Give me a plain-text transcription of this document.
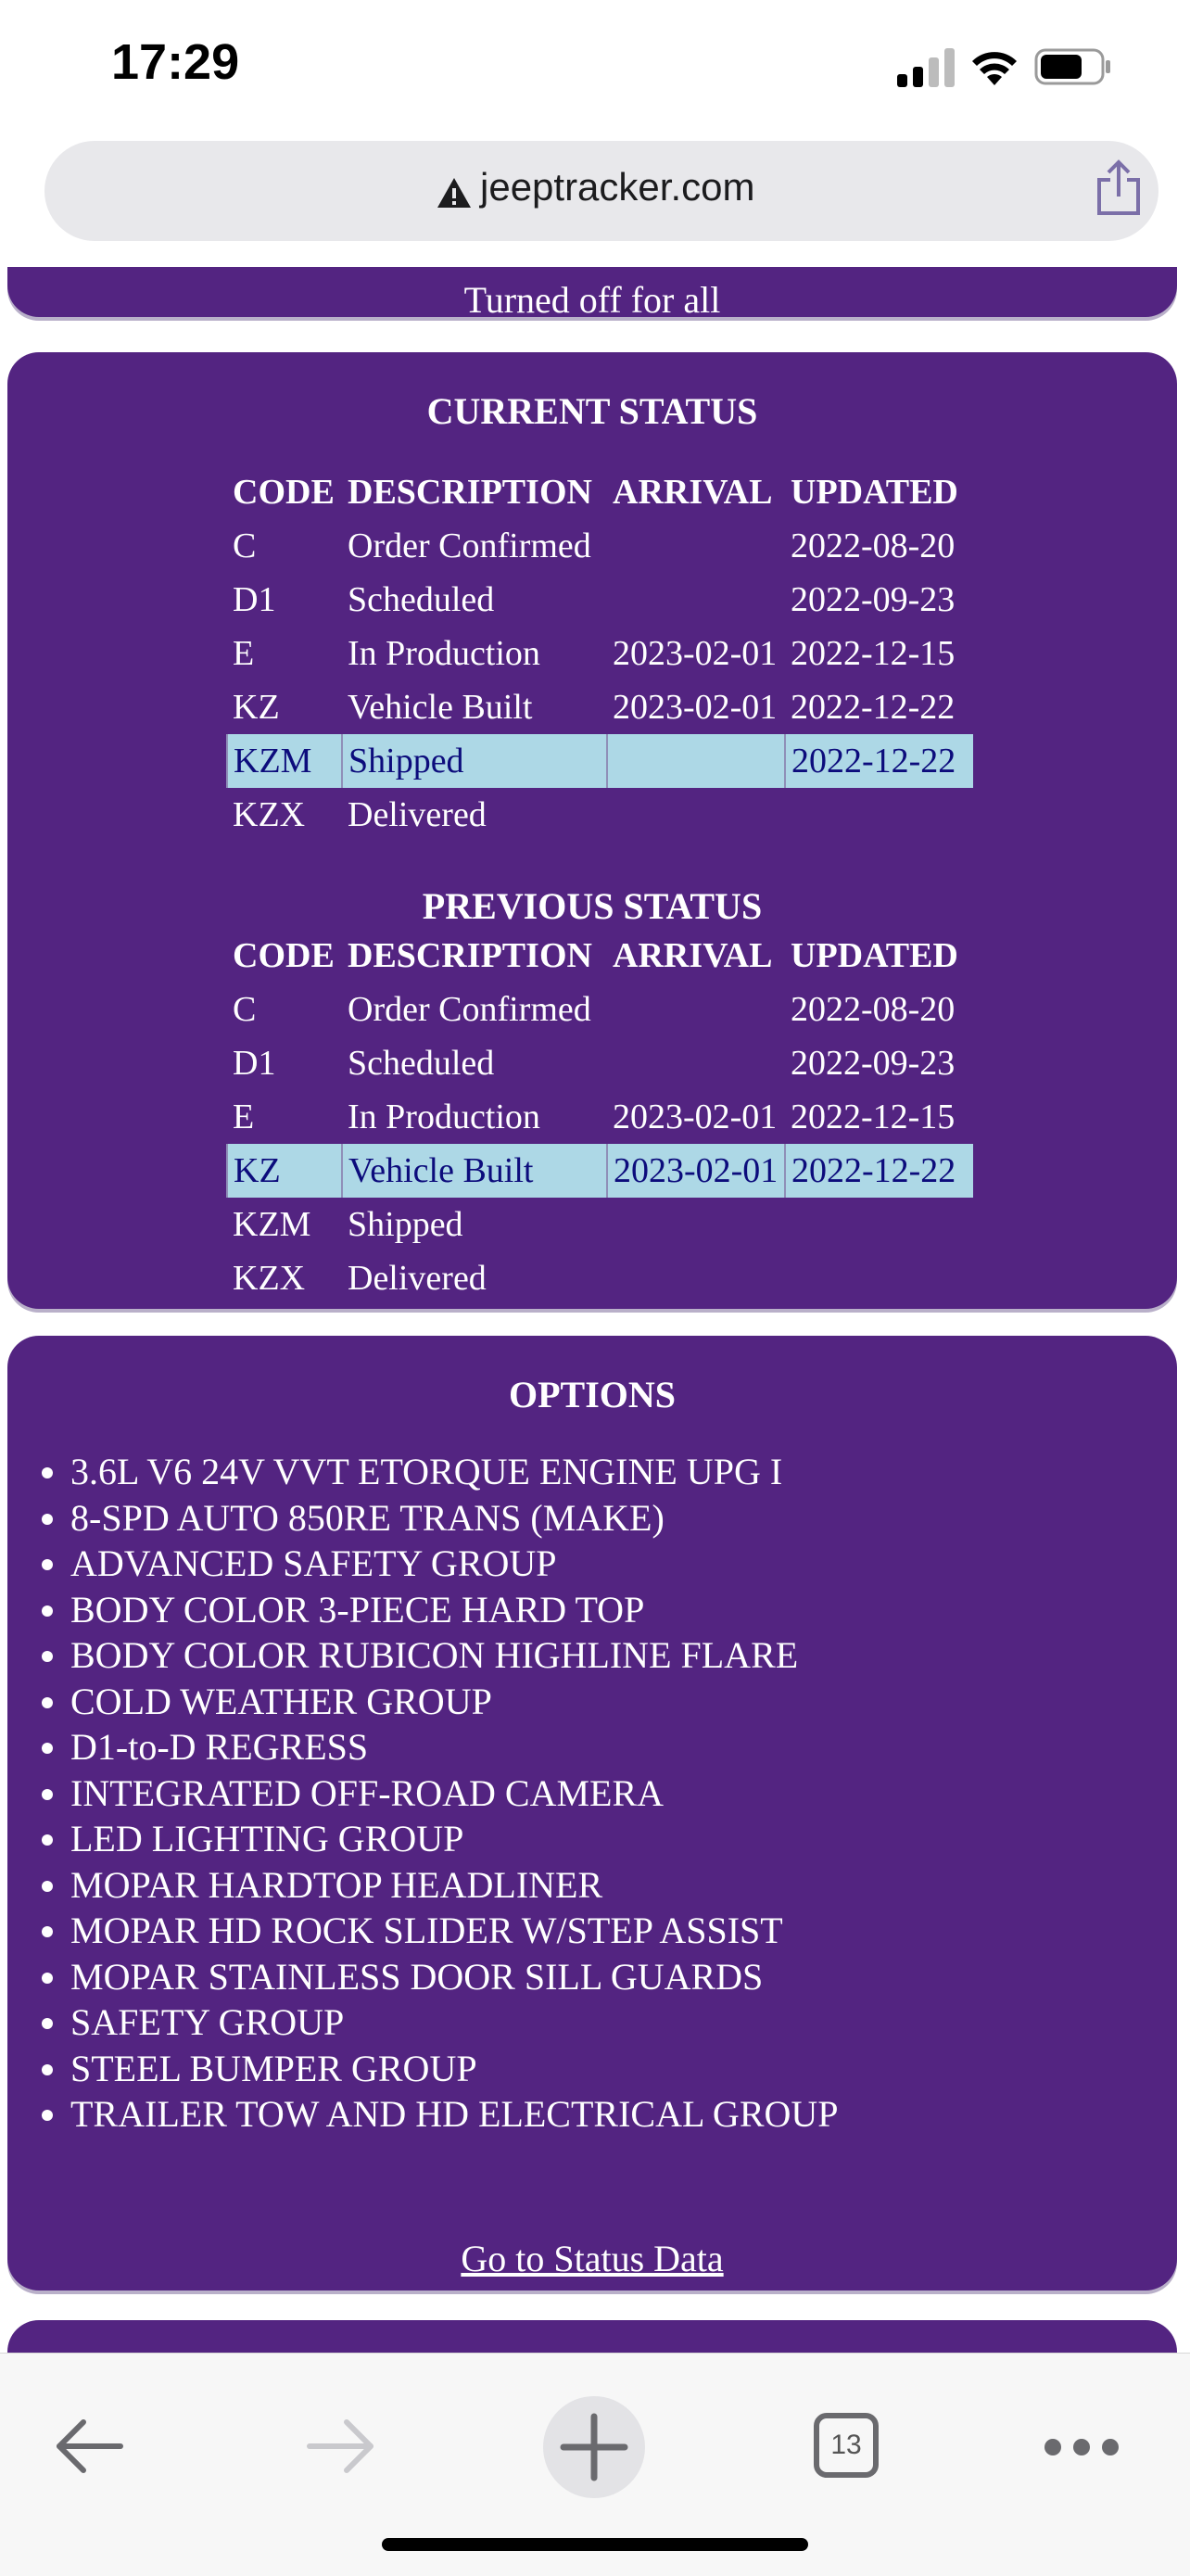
17:29
jeeptracker.com
Turned off for all
CURRENT STATUS
CODE	DESCRIPTION	ARRIVAL	UPDATED
C	Order Confirmed		2022-08-20
D1	Scheduled		2022-09-23
E	In Production	2023-02-01	2022-12-15
KZ	Vehicle Built	2023-02-01	2022-12-22
KZM	Shipped		2022-12-22
KZX	Delivered		
PREVIOUS STATUS
CODE	DESCRIPTION	ARRIVAL	UPDATED
C	Order Confirmed		2022-08-20
D1	Scheduled		2022-09-23
E	In Production	2023-02-01	2022-12-15
KZ	Vehicle Built	2023-02-01	2022-12-22
KZM	Shipped		
KZX	Delivered		
OPTIONS
• 3.6L V6 24V VVT ETORQUE ENGINE UPG I
• 8-SPD AUTO 850RE TRANS (MAKE)
• ADVANCED SAFETY GROUP
• BODY COLOR 3-PIECE HARD TOP
• BODY COLOR RUBICON HIGHLINE FLARE
• COLD WEATHER GROUP
• D1-to-D REGRESS
• INTEGRATED OFF-ROAD CAMERA
• LED LIGHTING GROUP
• MOPAR HARDTOP HEADLINER
• MOPAR HD ROCK SLIDER W/STEP ASSIST
• MOPAR STAINLESS DOOR SILL GUARDS
• SAFETY GROUP
• STEEL BUMPER GROUP
• TRAILER TOW AND HD ELECTRICAL GROUP
Go to Status Data
13
